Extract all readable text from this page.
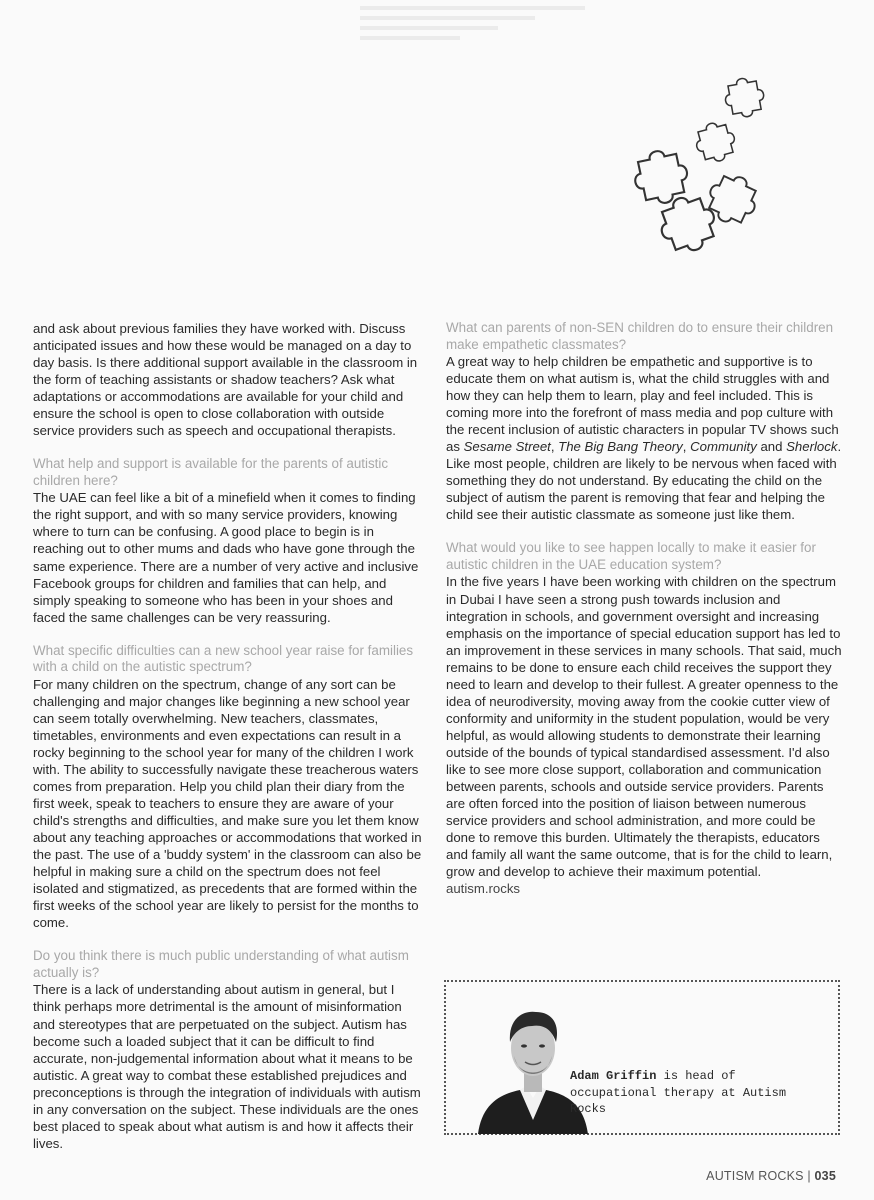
and ask about previous families they have worked with. Discuss anticipated issues and how these would be managed on a day to day basis. Is there additional support available in the classroom in the form of teaching assistants or shadow teachers? Ask what adaptations or accommodations are available for your child and ensure the school is open to close collaboration with outside service providers such as speech and occupational therapists.

What help and support is available for the parents of autistic children here?

The UAE can feel like a bit of a minefield when it comes to finding the right support, and with so many service providers, knowing where to turn can be confusing. A good place to begin is in reaching out to other mums and dads who have gone through the same experience. There are a number of very active and inclusive Facebook groups for children and families that can help, and simply speaking to someone who has been in your shoes and faced the same challenges can be very reassuring.

What specific difficulties can a new school year raise for families with a child on the autistic spectrum?

For many children on the spectrum, change of any sort can be challenging and major changes like beginning a new school year can seem totally overwhelming. New teachers, classmates, timetables, environments and even expectations can result in a rocky beginning to the school year for many of the children I work with. The ability to successfully navigate these treacherous waters comes from preparation. Help you child plan their diary from the first week, speak to teachers to ensure they are aware of your child's strengths and difficulties, and make sure you let them know about any teaching approaches or accommodations that worked in the past. The use of a 'buddy system' in the classroom can also be helpful in making sure a child on the spectrum does not feel isolated and stigmatized, as precedents that are formed within the first weeks of the school year are likely to persist for the months to come.

Do you think there is much public understanding of what autism actually is?

There is a lack of understanding about autism in general, but I think perhaps more detrimental is the amount of misinformation and stereotypes that are perpetuated on the subject. Autism has become such a loaded subject that it can be difficult to find accurate, non-judgemental information about what it means to be autistic. A great way to combat these established prejudices and preconceptions is through the integration of individuals with autism in any conversation on the subject. These individuals are the ones best placed to speak about what autism is and how it affects their lives.

What can parents of non-SEN children do to ensure their children make empathetic classmates?

A great way to help children be empathetic and supportive is to educate them on what autism is, what the child struggles with and how they can help them to learn, play and feel included. This is coming more into the forefront of mass media and pop culture with the recent inclusion of autistic characters in popular TV shows such as Sesame Street, The Big Bang Theory, Community and Sherlock. Like most people, children are likely to be nervous when faced with something they do not understand. By educating the child on the subject of autism the parent is removing that fear and helping the child see their autistic classmate as someone just like them.

What would you like to see happen locally to make it easier for autistic children in the UAE education system?

In the five years I have been working with children on the spectrum in Dubai I have seen a strong push towards inclusion and integration in schools, and government oversight and increasing emphasis on the importance of special education support has led to an improvement in these services in many schools. That said, much remains to be done to ensure each child receives the support they need to learn and develop to their fullest. A greater openness to the idea of neurodiversity, moving away from the cookie cutter view of conformity and uniformity in the student population, would be very helpful, as would allowing students to demonstrate their learning outside of the bounds of typical standardised assessment. I'd also like to see more close support, collaboration and communication between parents, schools and outside service providers. Parents are often forced into the position of liaison between numerous service providers and school administration, and more could be done to remove this burden. Ultimately the therapists, educators and family all want the same outcome, that is for the child to learn, grow and develop to achieve their maximum potential.

autism.rocks

Adam Griffin is head of occupational therapy at Autism Rocks
AUTISM ROCKS | 035
